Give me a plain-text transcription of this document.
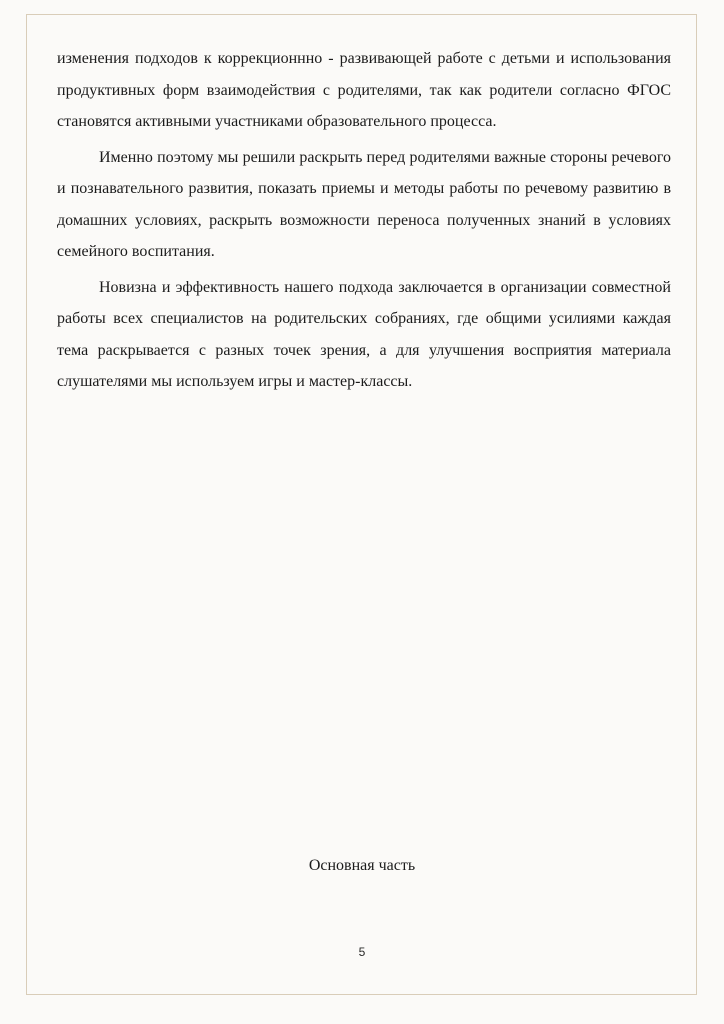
изменения подходов к коррекционнно - развивающей работе с детьми и использования продуктивных форм взаимодействия с родителями, так как родители согласно ФГОС становятся активными участниками образовательного процесса.

Именно поэтому мы решили раскрыть перед родителями важные стороны речевого и познавательного развития, показать приемы и методы работы по речевому развитию в домашних условиях, раскрыть возможности переноса полученных знаний в условиях семейного воспитания.

Новизна и эффективность нашего подхода заключается в организации совместной работы всех специалистов на родительских собраниях, где общими усилиями каждая тема раскрывается с разных точек зрения, а для улучшения восприятия материала слушателями мы используем игры и мастер-классы.

Основная часть
5
